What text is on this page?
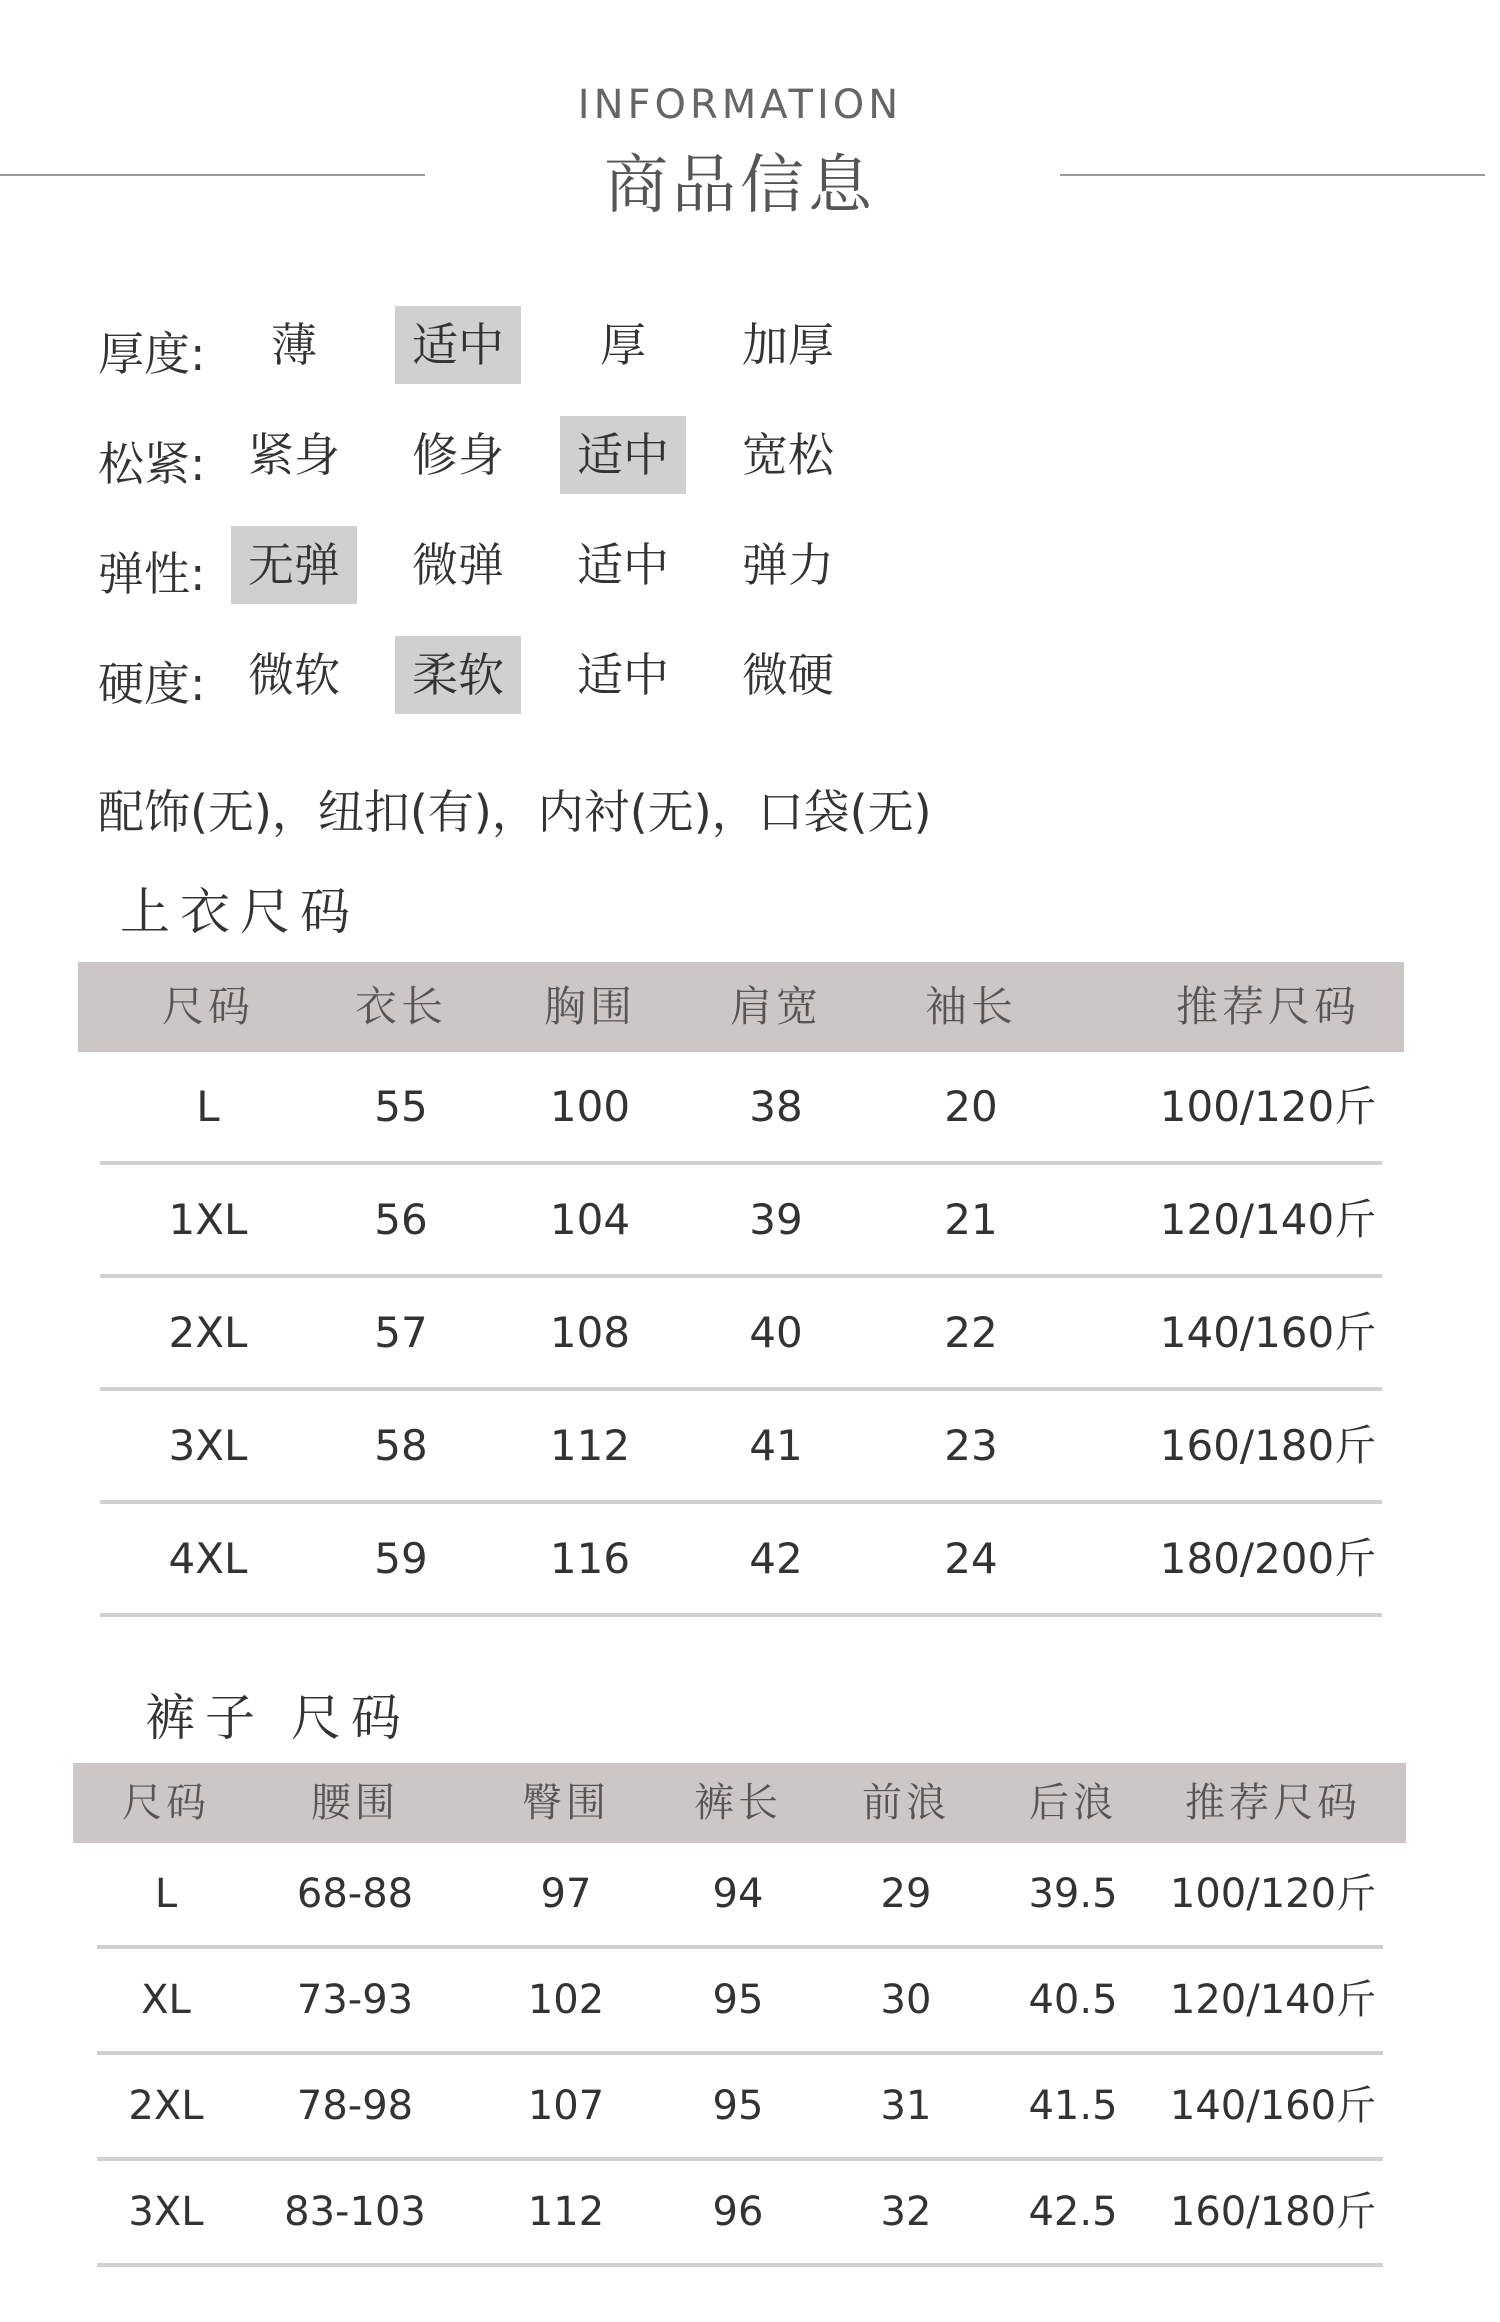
INFORMATION
商品信息
厚度:	薄	适中	厚	加厚
松紧: 紧身	修身	适中	宽松
弹性: 无弹	微弹	适中	弹力
硬度: 微软	柔软	适中	微硬
配饰(无)，纽扣(有)，内衬(无)，口袋(无)
上衣尺码
尺码	衣长	胸围	肩宽	袖长	推荐尺码
L	55	100	38	20	100/120斤
1XL	56	104	39	21	120/140斤
2XL	57	108	40	22	140/160斤
3XL	58	112	41	23	160/180斤
4XL	59	116	42	24	180/200斤
裤子 尺码
尺码	腰围	臀围	裤长	前浪	后浪	推荐尺码
L	68-88	97	94	29	39.5	100/120斤
XL	73-93	102	95	30	40.5	120/140斤
2XL	78-98	107	95	31	41.5	140/160斤
3XL	83-103	112	96	32	42.5	160/180斤
